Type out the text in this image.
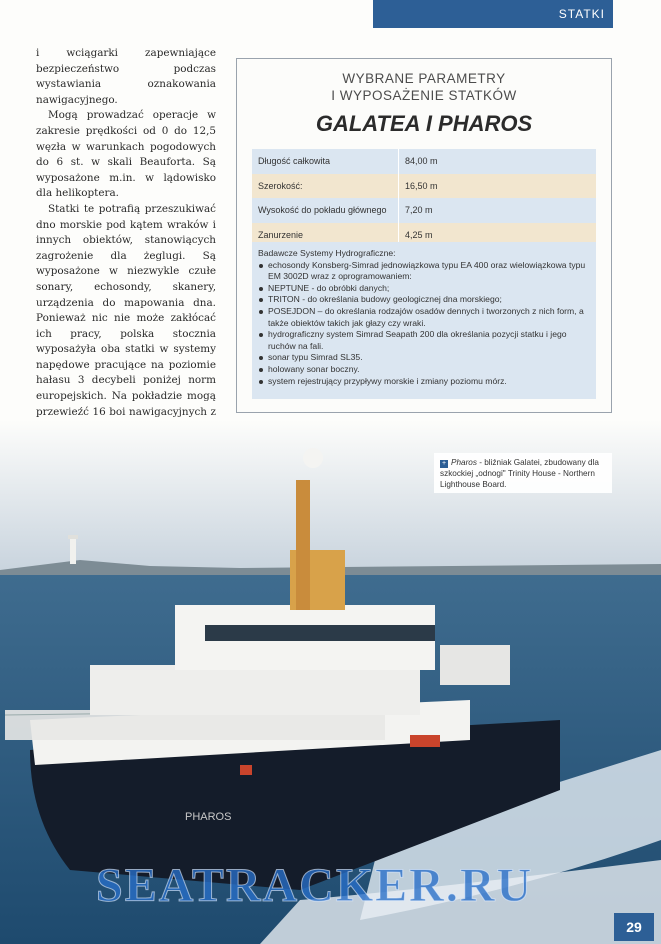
STATKI

i wciągarki zapewniające bezpieczeństwo podczas wystawiania oznakowania nawigacyjnego.

Mogą prowadzać operacje w zakresie prędkości od 0 do 12,5 węzła w warunkach pogodowych do 6 st. w skali Beauforta. Są wyposażone m.in. w lądowisko dla helikoptera.

Statki te potrafią przeszukiwać dno morskie pod kątem wraków i innych obiektów, stanowiących zagrożenie dla żeglugi. Są wyposażone w niezwykle czułe sonary, echosondy, skanery, urządzenia do mapowania dna. Ponieważ nic nie może zakłócać ich pracy, polska stocznia wyposażyła oba statki w systemy napędowe pracujące na poziomie hałasu 3 decybeli poniżej norm europejskich. Na pokładzie mogą przewieźć 16 boi nawigacyjnych z

WYBRANE PARAMETRY
I WYPOSAŻENIE STATKÓW
GALATEA I PHAROS
Długość całkowita	84,00 m
Szerokość:	16,50 m
Wysokość do pokładu głównego 7,20 m
Zanurzenie	4,25 m
Badawcze Systemy Hydrograficzne:
echosondy Konsberg-Simrad jednowiązkowa typu EA 400 oraz wielowiązkowa typu EM 3002D wraz z oprogramowaniem:
NEPTUNE - do obróbki danych;
TRITON - do określania budowy geologicznej dna morskiego;
POSEJDON – do określania rodzajów osadów dennych i tworzonych z nich form, a także obiektów takich jak głazy czy wraki.
hydrograficzny system Simrad Seapath 200 dla określania pozycji statku i jego ruchów na fali.
sonar typu Simrad SL35.
holowany sonar boczny.
system rejestrujący przypływy morskie i zmiany poziomu mórz.
PHAROS
+ Pharos - bliźniak Galatei, zbudowany dla szkockiej „odnogi" Trinity House - Northern Lighthouse Board.
SEATRACKER.RU
29
